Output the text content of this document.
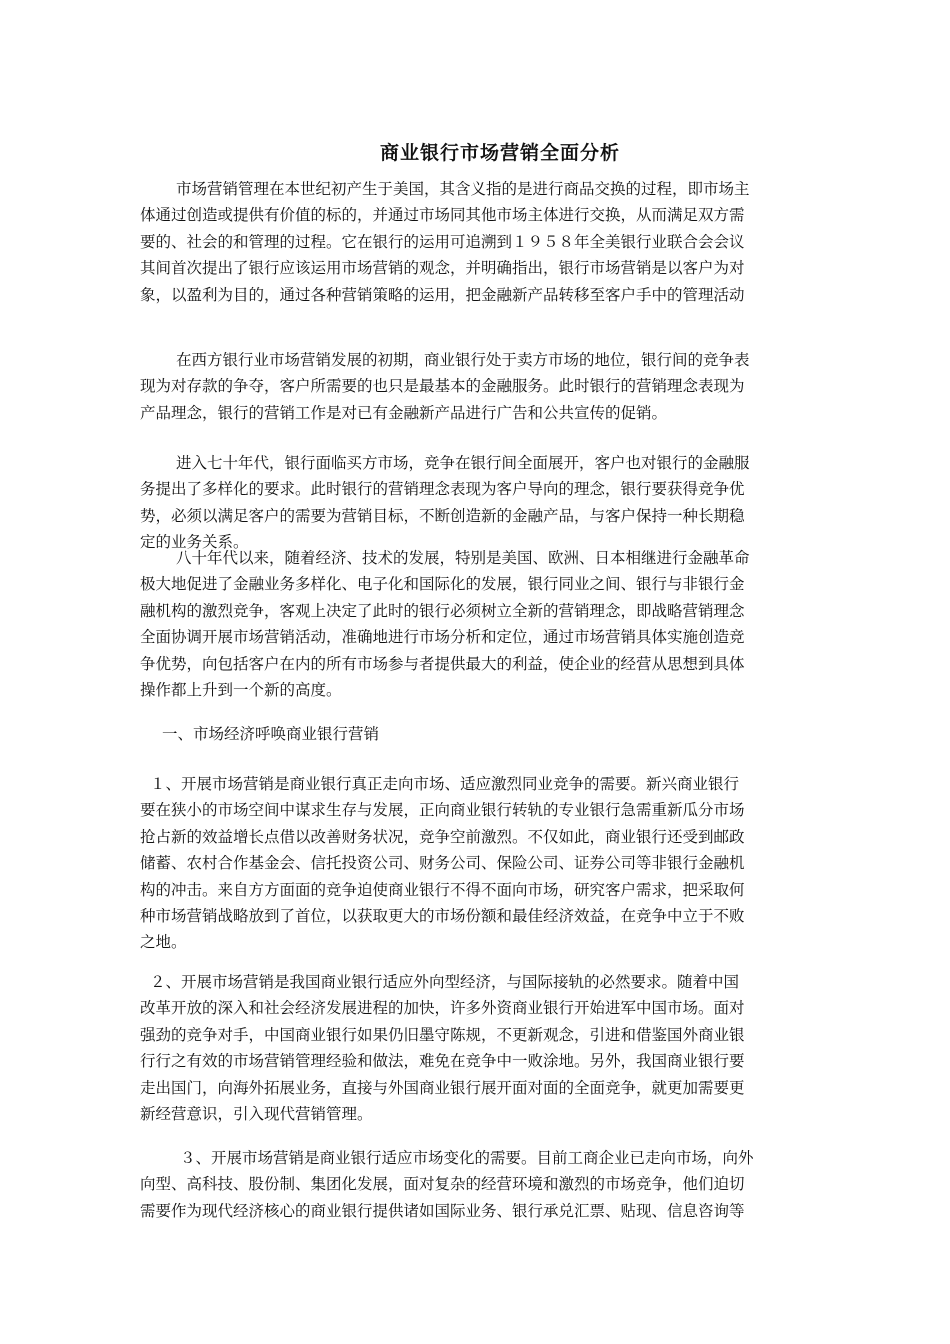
商业银行市场营销全面分析
市场营销管理在本世纪初产生于美国，其含义指的是进行商品交换的过程，即市场主
体通过创造或提供有价值的标的，并通过市场同其他市场主体进行交换，从而满足双方需
要的、社会的和管理的过程。它在银行的运用可追溯到１９５８年全美银行业联合会会议
其间首次提出了银行应该运用市场营销的观念，并明确指出，银行市场营销是以客户为对
象，以盈利为目的，通过各种营销策略的运用，把金融新产品转移至客户手中的管理活动
在西方银行业市场营销发展的初期，商业银行处于卖方市场的地位，银行间的竞争表
现为对存款的争夺，客户所需要的也只是最基本的金融服务。此时银行的营销理念表现为
产品理念，银行的营销工作是对已有金融新产品进行广告和公共宣传的促销。
进入七十年代，银行面临买方市场，竞争在银行间全面展开，客户也对银行的金融服
务提出了多样化的要求。此时银行的营销理念表现为客户导向的理念，银行要获得竞争优
势，必须以满足客户的需要为营销目标，不断创造新的金融产品，与客户保持一种长期稳
定的业务关系。
八十年代以来，随着经济、技术的发展，特别是美国、欧洲、日本相继进行金融革命
极大地促进了金融业务多样化、电子化和国际化的发展，银行同业之间、银行与非银行金
融机构的激烈竞争，客观上决定了此时的银行必须树立全新的营销理念，即战略营销理念
全面协调开展市场营销活动，准确地进行市场分析和定位，通过市场营销具体实施创造竞
争优势，向包括客户在内的所有市场参与者提供最大的利益，使企业的经营从思想到具体
操作都上升到一个新的高度。
一、市场经济呼唤商业银行营销
１、开展市场营销是商业银行真正走向市场、适应激烈同业竞争的需要。新兴商业银行
要在狭小的市场空间中谋求生存与发展，正向商业银行转轨的专业银行急需重新瓜分市场
抢占新的效益增长点借以改善财务状况，竞争空前激烈。不仅如此，商业银行还受到邮政
储蓄、农村合作基金会、信托投资公司、财务公司、保险公司、证券公司等非银行金融机
构的冲击。来自方方面面的竞争迫使商业银行不得不面向市场，研究客户需求，把采取何
种市场营销战略放到了首位，以获取更大的市场份额和最佳经济效益，在竞争中立于不败
之地。
２、开展市场营销是我国商业银行适应外向型经济，与国际接轨的必然要求。随着中国
改革开放的深入和社会经济发展进程的加快，许多外资商业银行开始进军中国市场。面对
强劲的竞争对手，中国商业银行如果仍旧墨守陈规，不更新观念，引进和借鉴国外商业银
行行之有效的市场营销管理经验和做法，难免在竞争中一败涂地。另外，我国商业银行要
走出国门，向海外拓展业务，直接与外国商业银行展开面对面的全面竞争，就更加需要更
新经营意识，引入现代营销管理。
３、开展市场营销是商业银行适应市场变化的需要。目前工商企业已走向市场，向外
向型、高科技、股份制、集团化发展，面对复杂的经营环境和激烈的市场竞争，他们迫切
需要作为现代经济核心的商业银行提供诸如国际业务、银行承兑汇票、贴现、信息咨询等
